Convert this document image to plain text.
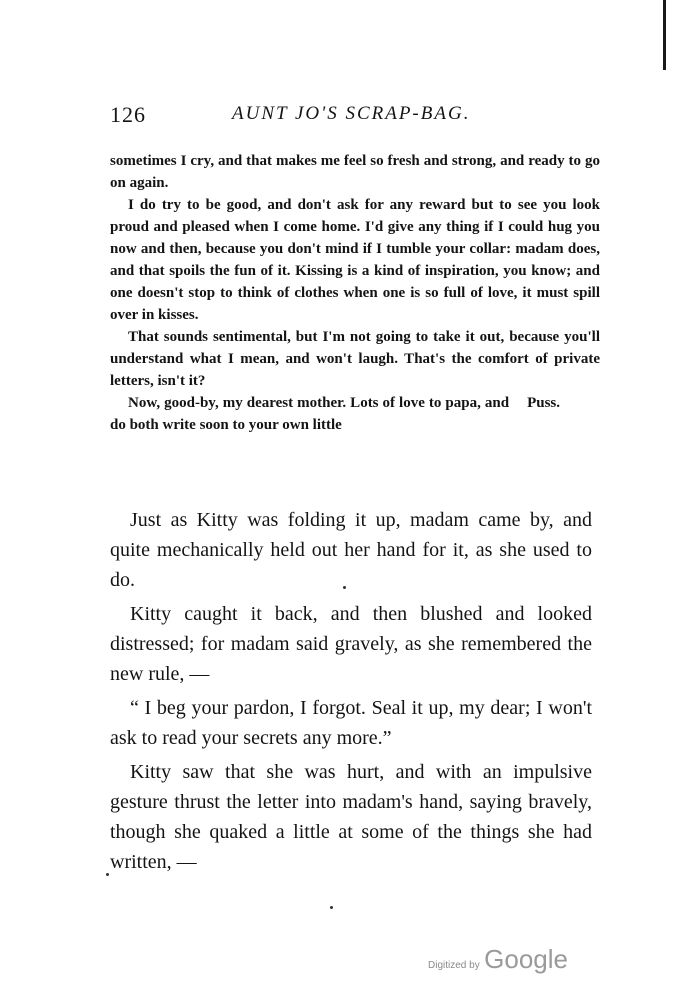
126	AUNT JO'S SCRAP-BAG.

sometimes I cry, and that makes me feel so fresh and strong, and ready to go on again.

I do try to be good, and don't ask for any reward but to see you look proud and pleased when I come home. I'd give any thing if I could hug you now and then, because you don't mind if I tumble your collar: madam does, and that spoils the fun of it. Kissing is a kind of inspiration, you know; and one doesn't stop to think of clothes when one is so full of love, it must spill over in kisses.

That sounds sentimental, but I'm not going to take it out, because you'll understand what I mean, and won't laugh. That's the comfort of private letters, isn't it?

Now, good-by, my dearest mother. Lots of love to papa, and do both write soon to your own little
Puss.

Just as Kitty was folding it up, madam came by, and quite mechanically held out her hand for it, as she used to do.

Kitty caught it back, and then blushed and looked distressed; for madam said gravely, as she remembered the new rule, —

“ I beg your pardon, I forgot. Seal it up, my dear; I won't ask to read your secrets any more.”

Kitty saw that she was hurt, and with an impulsive gesture thrust the letter into madam's hand, saying bravely, though she quaked a little at some of the things she had written, —

Digitized by Google
